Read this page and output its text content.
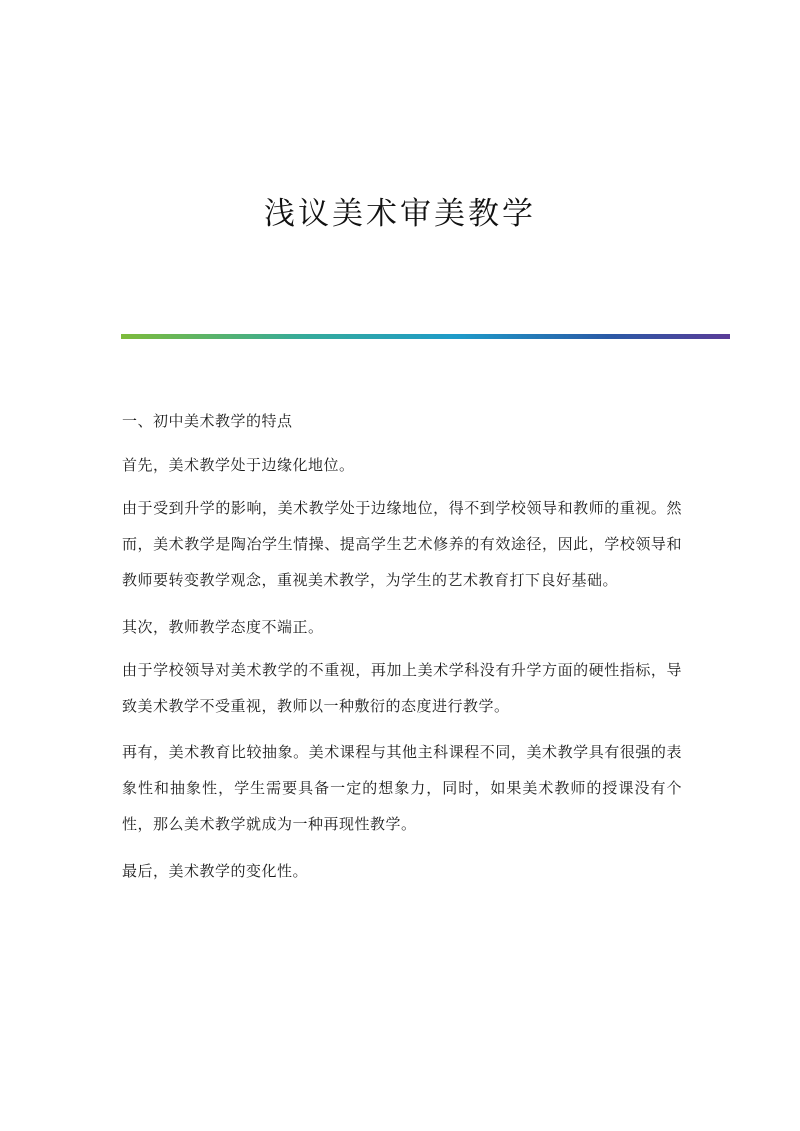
浅议美术审美教学

一、初中美术教学的特点

首先，美术教学处于边缘化地位。

由于受到升学的影响，美术教学处于边缘地位，得不到学校领导和教师的重视。然而，美术教学是陶冶学生情操、提高学生艺术修养的有效途径，因此，学校领导和教师要转变教学观念，重视美术教学，为学生的艺术教育打下良好基础。

其次，教师教学态度不端正。

由于学校领导对美术教学的不重视，再加上美术学科没有升学方面的硬性指标，导致美术教学不受重视，教师以一种敷衍的态度进行教学。

再有，美术教育比较抽象。美术课程与其他主科课程不同，美术教学具有很强的表象性和抽象性，学生需要具备一定的想象力，同时，如果美术教师的授课没有个性，那么美术教学就成为一种再现性教学。

最后，美术教学的变化性。
